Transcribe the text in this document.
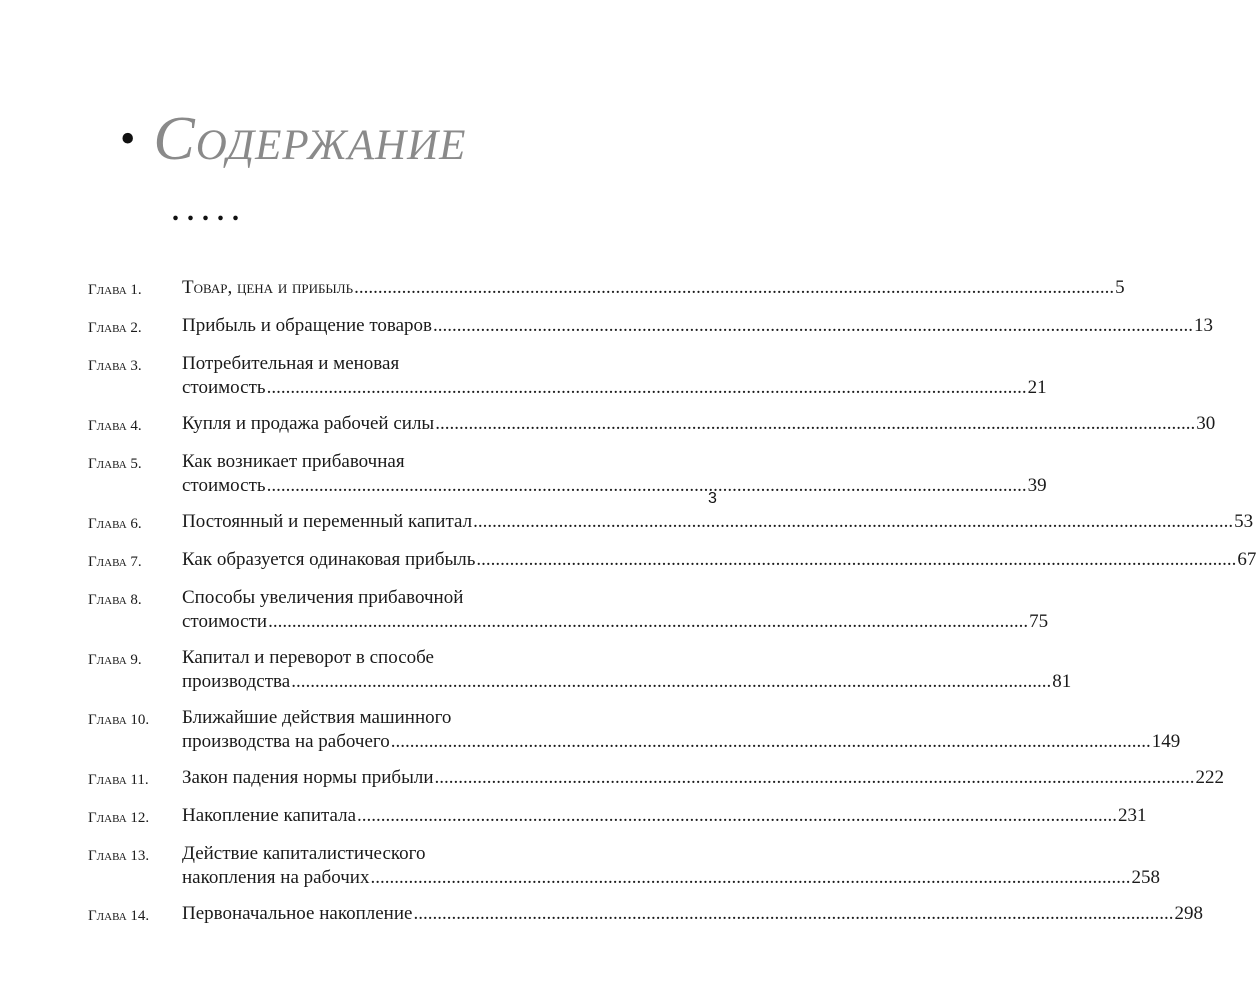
• Содержание
.....
Глава 1.	Товар, цена и прибыль .....	5
Глава 2.	Прибыль и обращение товаров .....	13
Глава 3.	Потребительная и меновая
стоимость .....	21
Глава 4.	Купля и продажа рабочей силы .....	30
Глава 5.	Как возникает прибавочная
стоимость .....	39
Глава 6.	Постоянный и переменный капитал .....	53
Глава 7.	Как образуется одинаковая прибыль .....	67
Глава 8.	Способы увеличения прибавочной
стоимости .....	75
Глава 9.	Капитал и переворот в способе
производства .....	81
Глава 10.	Ближайшие действия машинного
производства на рабочего .....	149
Глава 11.	Закон падения нормы прибыли .....	222
Глава 12.	Накопление капитала .....	231
Глава 13.	Действие капиталистического
накопления на рабочих .....	258
Глава 14.	Первоначальное накопление .....	298
3
